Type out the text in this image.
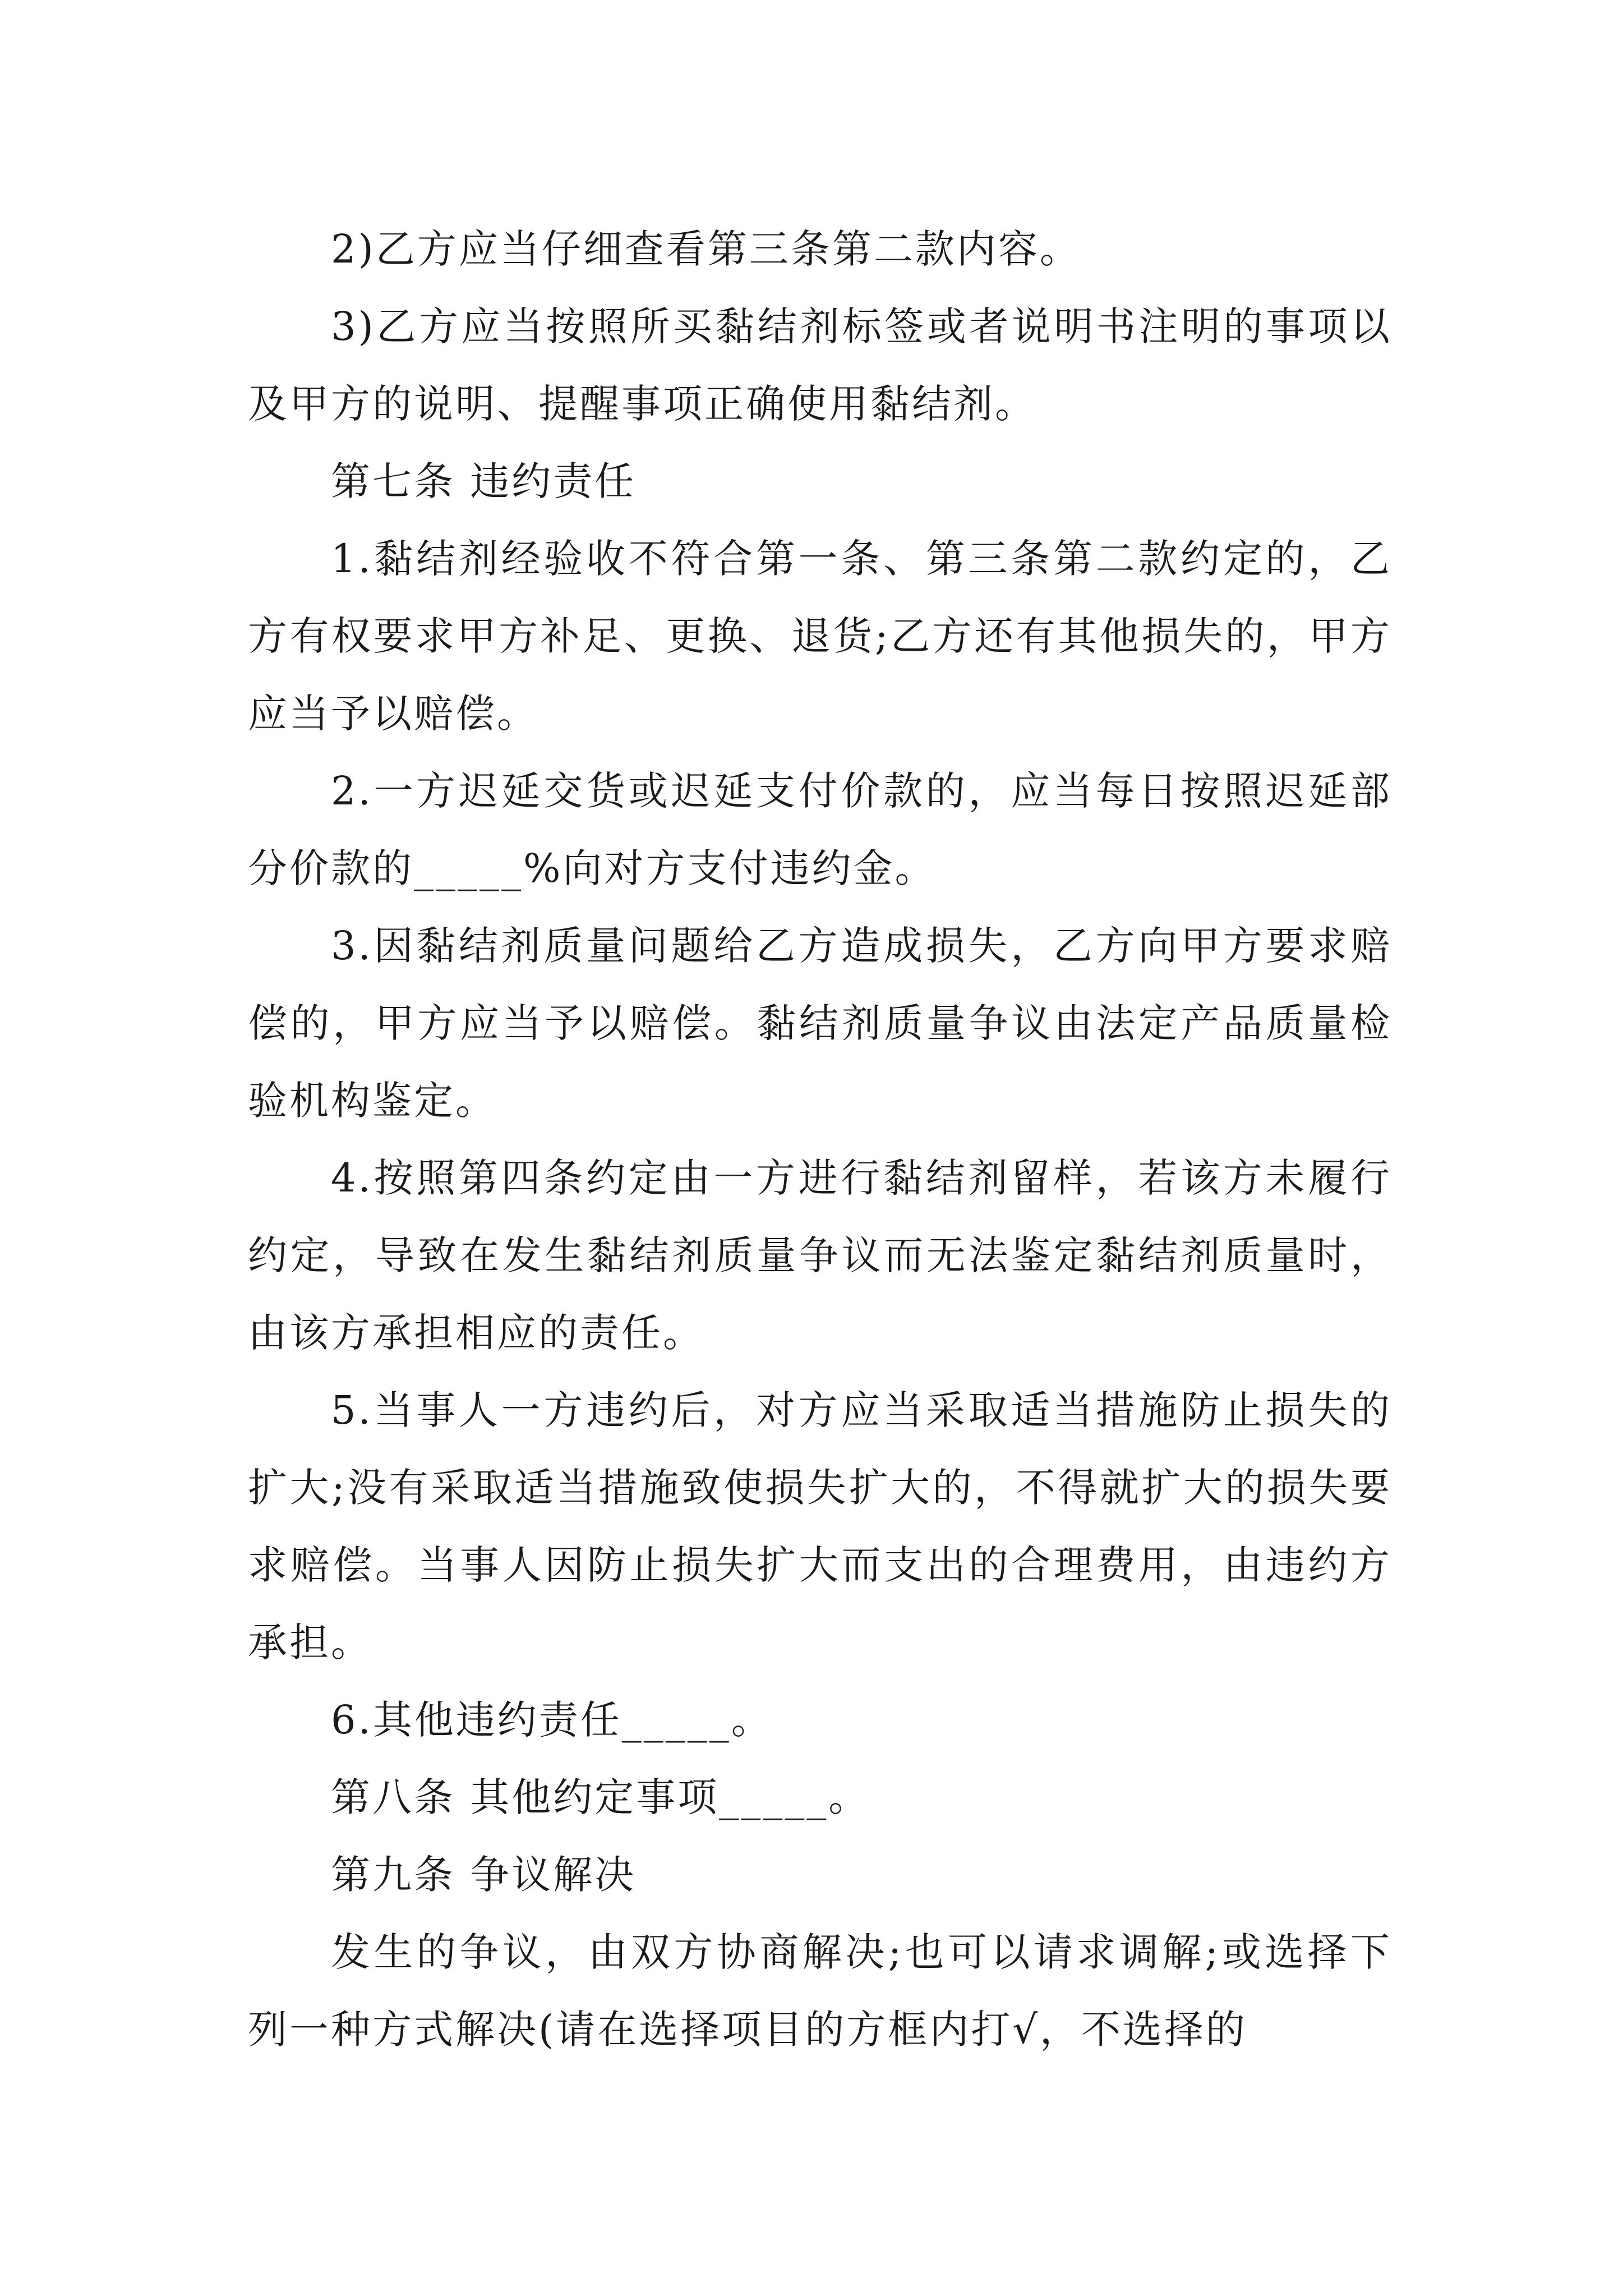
2)乙方应当仔细查看第三条第二款内容。

3)乙方应当按照所买黏结剂标签或者说明书注明的事项以及甲方的说明、提醒事项正确使用黏结剂。

第七条 违约责任

1.黏结剂经验收不符合第一条、第三条第二款约定的，乙方有权要求甲方补足、更换、退货;乙方还有其他损失的，甲方应当予以赔偿。

2.一方迟延交货或迟延支付价款的，应当每日按照迟延部分价款的_____%向对方支付违约金。

3.因黏结剂质量问题给乙方造成损失，乙方向甲方要求赔偿的，甲方应当予以赔偿。黏结剂质量争议由法定产品质量检验机构鉴定。

4.按照第四条约定由一方进行黏结剂留样，若该方未履行约定，导致在发生黏结剂质量争议而无法鉴定黏结剂质量时，由该方承担相应的责任。

5.当事人一方违约后，对方应当采取适当措施防止损失的扩大;没有采取适当措施致使损失扩大的，不得就扩大的损失要求赔偿。当事人因防止损失扩大而支出的合理费用，由违约方承担。

6.其他违约责任_____。

第八条 其他约定事项_____。

第九条 争议解决

发生的争议，由双方协商解决;也可以请求调解;或选择下列一种方式解决(请在选择项目的方框内打√，不选择的
